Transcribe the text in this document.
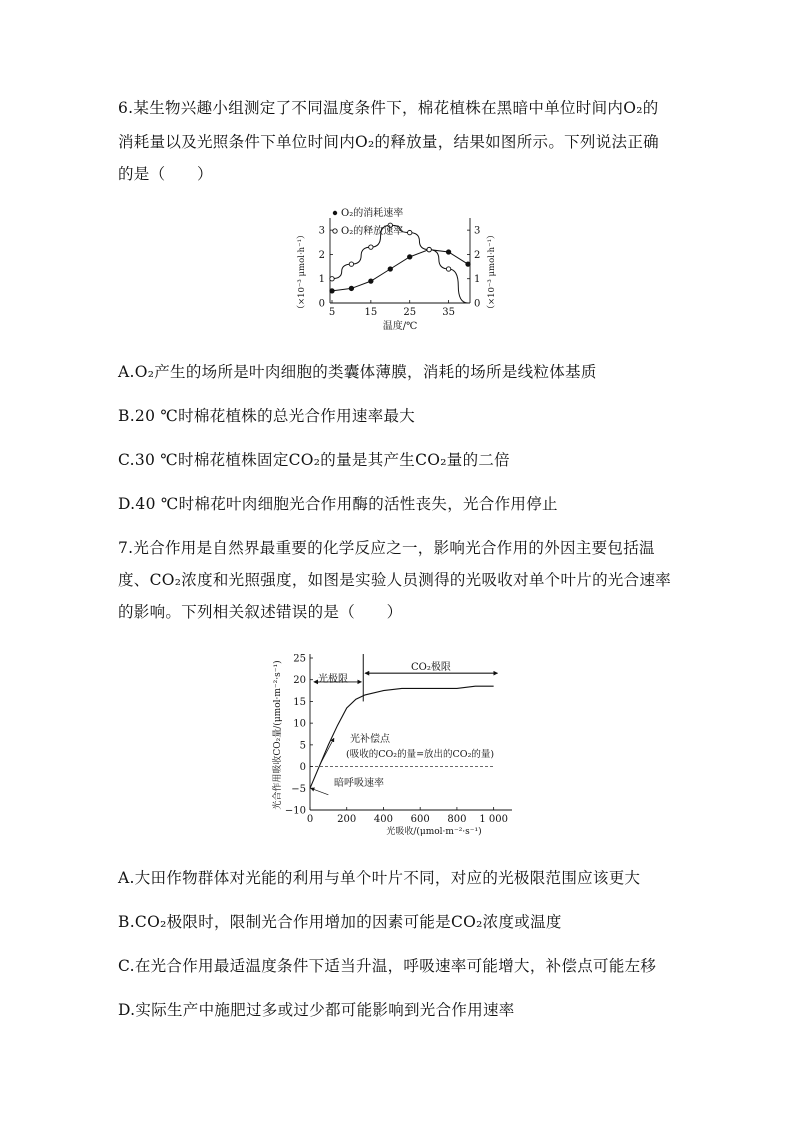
6.某生物兴趣小组测定了不同温度条件下，棉花植株在黑暗中单位时间内O₂的
消耗量以及光照条件下单位时间内O₂的释放量，结果如图所示。下列说法正确
的是（　　）
0	0
1	1
2	2
3	3
5	15	25	35
（×10⁻³ μmol·h⁻¹）	（×10⁻³ μmol·h⁻¹）
温度/℃
O₂的消耗速率
O₂的释放速率
A.O₂产生的场所是叶肉细胞的类囊体薄膜，消耗的场所是线粒体基质
B.20 ℃时棉花植株的总光合作用速率最大
C.30 ℃时棉花植株固定CO₂的量是其产生CO₂量的二倍
D.40 ℃时棉花叶肉细胞光合作用酶的活性丧失，光合作用停止
7.光合作用是自然界最重要的化学反应之一，影响光合作用的外因主要包括温
度、CO₂浓度和光照强度，如图是实验人员测得的光吸收对单个叶片的光合速率
的影响。下列相关叙述错误的是（　　）
−10
−5
0
5
10
15
20
25
0 200 400 600 800 1 000
光合作用吸收CO₂量/(μmol·m⁻²·s⁻¹)
光吸收/(μmol·m⁻²·s⁻¹)
光极限
CO₂极限
光补偿点
(吸收的CO₂的量=放出的CO₂的量)
暗呼吸速率
A.大田作物群体对光能的利用与单个叶片不同，对应的光极限范围应该更大
B.CO₂极限时，限制光合作用增加的因素可能是CO₂浓度或温度
C.在光合作用最适温度条件下适当升温，呼吸速率可能增大，补偿点可能左移
D.实际生产中施肥过多或过少都可能影响到光合作用速率
